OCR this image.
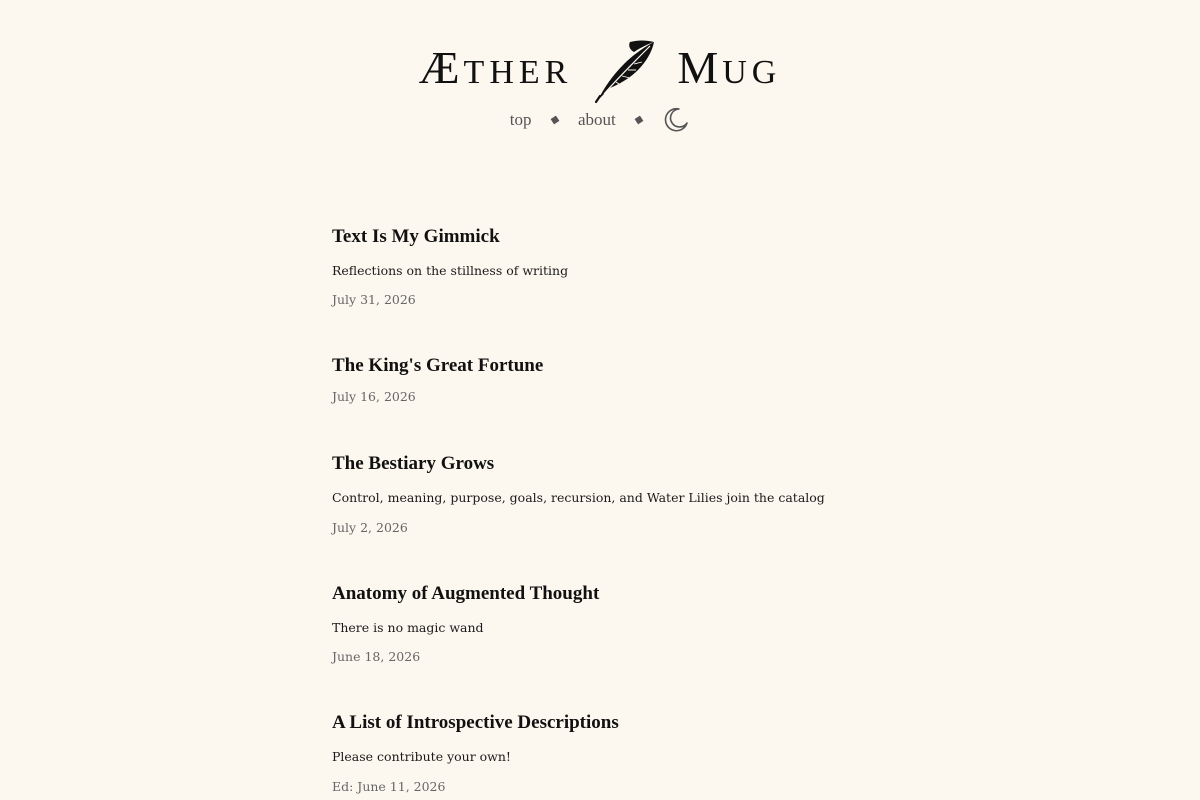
ÆTHER MUG
top	about
Text Is My Gimmick
Reflections on the stillness of writing
July 31, 2026
The King's Great Fortune
July 16, 2026
The Bestiary Grows
Control, meaning, purpose, goals, recursion, and Water Lilies join the catalog
July 2, 2026
Anatomy of Augmented Thought
There is no magic wand
June 18, 2026
A List of Introspective Descriptions
Please contribute your own!
Ed: June 11, 2026
